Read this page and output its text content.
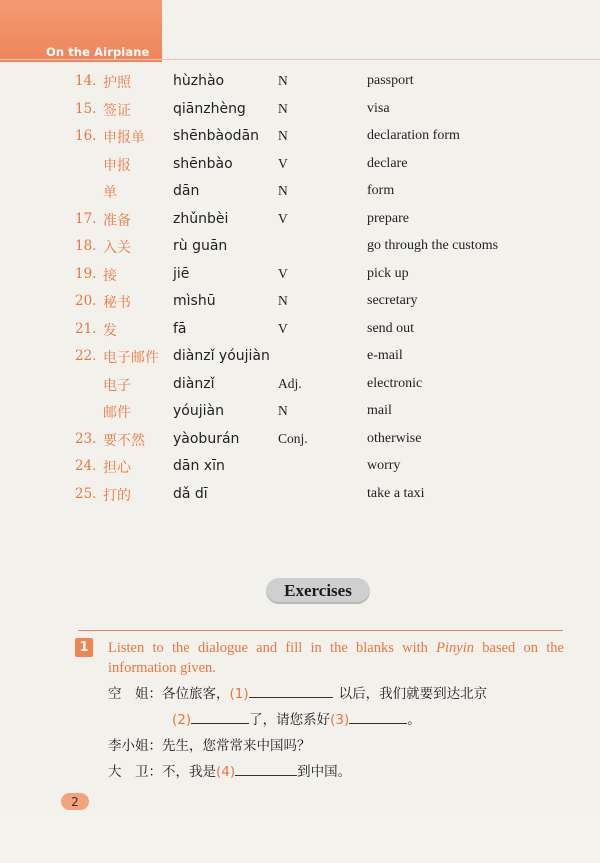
On the Airplane
14. 护照	hùzhào	N	passport
15. 签证	qiānzhèng N	visa
16. 申报单 shēnbàodān N	declaration form
申报	shēnbào	V	declare
单	dān	N	form
17. 准备	zhǔnbèi	V	prepare
18. 入关	rù guān	go through the customs
19. 接	jiē	V	pick up
20. 秘书	mìshū	N	secretary
21. 发	fā	V	send out
22. 电子邮件 diànzǐ yóujiàn	e-mail
电子	diànzǐ	Adj.	electronic
邮件	yóujiàn	N	mail
23. 要不然 yàoburán	Conj.	otherwise
24. 担心	dān xīn	worry
25. 打的	dǎ dī	take a taxi
Exercises
1	Listen to the dialogue and fill in the blanks with Pinyin based on the information given.
空　姐：各位旅客，(1)	以后，我们就要到达北京
(2)	了，请您系好(3)	。
李小姐：先生，您常常来中国吗？
大　卫：不，我是(4)	到中国。
2
